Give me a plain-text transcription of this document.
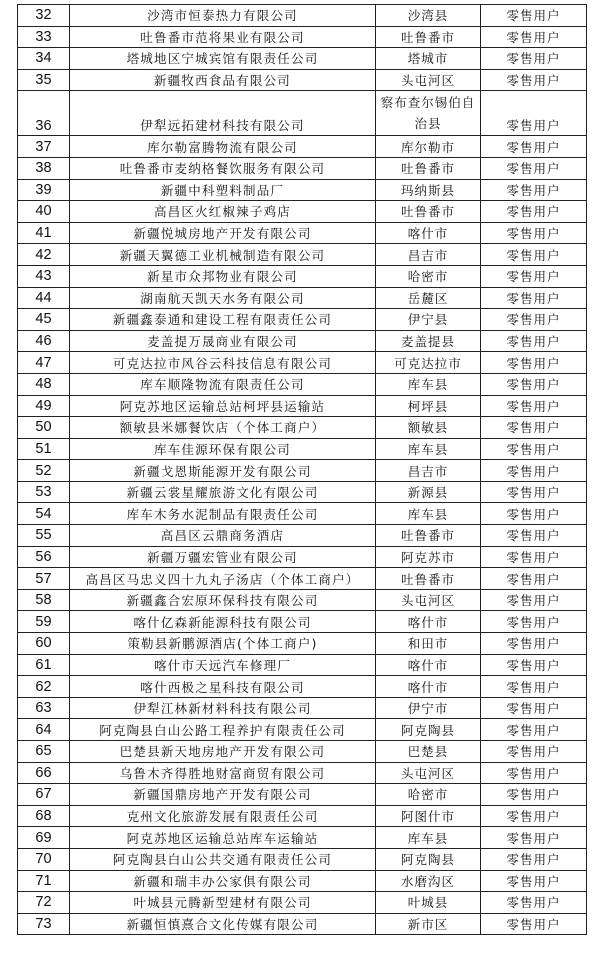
32	沙湾市恒泰热力有限公司	沙湾县	零售用户
33	吐鲁番市范将果业有限公司	吐鲁番市	零售用户
34	塔城地区宁城宾馆有限责任公司	塔城市	零售用户
35	新疆牧西食品有限公司	头屯河区	零售用户
36	伊犁远拓建材科技有限公司	察布查尔锡伯自治县	零售用户
37	库尔勒富腾物流有限公司	库尔勒市	零售用户
38	吐鲁番市麦纳格餐饮服务有限公司	吐鲁番市	零售用户
39	新疆中科塑料制品厂	玛纳斯县	零售用户
40	高昌区火红椒辣子鸡店	吐鲁番市	零售用户
41	新疆悦城房地产开发有限公司	喀什市	零售用户
42	新疆天翼德工业机械制造有限公司	昌吉市	零售用户
43	新星市众邦物业有限公司	哈密市	零售用户
44	湖南航天凯天水务有限公司	岳麓区	零售用户
45	新疆鑫泰通和建设工程有限责任公司	伊宁县	零售用户
46	麦盖提万晟商业有限公司	麦盖提县	零售用户
47	可克达拉市风谷云科技信息有限公司	可克达拉市	零售用户
48	库车顺隆物流有限责任公司	库车县	零售用户
49	阿克苏地区运输总站柯坪县运输站	柯坪县	零售用户
50	额敏县米娜餐饮店（个体工商户）	额敏县	零售用户
51	库车佳源环保有限公司	库车县	零售用户
52	新疆戈恩斯能源开发有限公司	昌吉市	零售用户
53	新疆云裳星耀旅游文化有限公司	新源县	零售用户
54	库车木务水泥制品有限责任公司	库车县	零售用户
55	高昌区云鼎商务酒店	吐鲁番市	零售用户
56	新疆万疆宏管业有限公司	阿克苏市	零售用户
57	高昌区马忠义四十九丸子汤店（个体工商户）	吐鲁番市	零售用户
58	新疆鑫合宏原环保科技有限公司	头屯河区	零售用户
59	喀什亿森新能源科技有限公司	喀什市	零售用户
60	策勒县新鹏源酒店(个体工商户)	和田市	零售用户
61	喀什市天远汽车修理厂	喀什市	零售用户
62	喀什西极之星科技有限公司	喀什市	零售用户
63	伊犁江林新材料科技有限公司	伊宁市	零售用户
64	阿克陶县白山公路工程养护有限责任公司	阿克陶县	零售用户
65	巴楚县新天地房地产开发有限公司	巴楚县	零售用户
66	乌鲁木齐得胜地财富商贸有限公司	头屯河区	零售用户
67	新疆国鼎房地产开发有限公司	哈密市	零售用户
68	克州文化旅游发展有限责任公司	阿图什市	零售用户
69	阿克苏地区运输总站库车运输站	库车县	零售用户
70	阿克陶县白山公共交通有限责任公司	阿克陶县	零售用户
71	新疆和瑞丰办公家俱有限公司	水磨沟区	零售用户
72	叶城县元腾新型建材有限公司	叶城县	零售用户
73	新疆恒慎熹合文化传媒有限公司	新市区	零售用户
